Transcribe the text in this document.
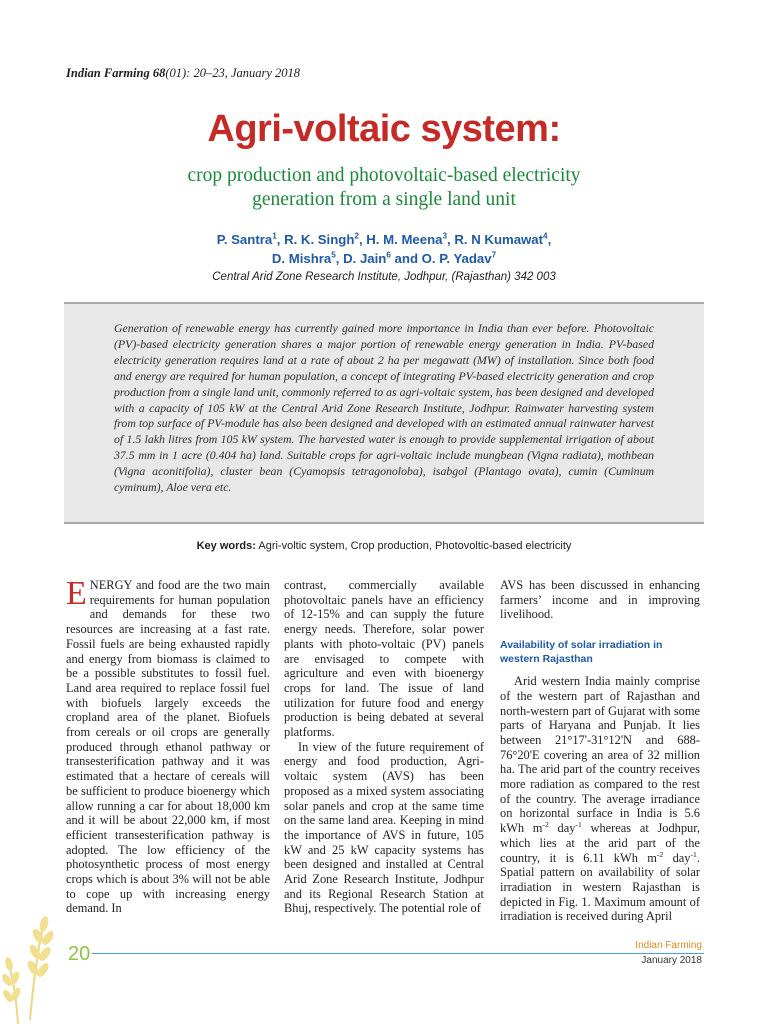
Indian Farming 68(01): 20–23, January 2018
Agri-voltaic system:
crop production and photovoltaic-based electricity generation from a single land unit
P. Santra$^1$, R. K. Singh$^2$, H. M. Meena$^3$, R. N Kumawat$^4$,
D. Mishra$^5$, D. Jain$^6$ and O. P. Yadav$^7$
Central Arid Zone Research Institute, Jodhpur, (Rajasthan) 342 003

Generation of renewable energy has currently gained more importance in India than ever before. Photovoltaic (PV)-based electricity generation shares a major portion of renewable energy generation in India. PV-based electricity generation requires land at a rate of about 2 ha per megawatt (MW) of installation. Since both food and energy are required for human population, a concept of integrating PV-based electricity generation and crop production from a single land unit, commonly referred to as agri-voltaic system, has been designed and developed with a capacity of 105 kW at the Central Arid Zone Research Institute, Jodhpur. Rainwater harvesting system from top surface of PV-module has also been designed and developed with an estimated annual rainwater harvest of 1.5 lakh litres from 105 kW system. The harvested water is enough to provide supplemental irrigation of about 37.5 mm in 1 acre (0.404 ha) land. Suitable crops for agri-voltaic include mungbean (Vigna radiata), mothbean (Vigna aconitifolia), cluster bean (Cyamopsis tetragonoloba), isabgol (Plantago ovata), cumin (Cuminum cyminum), Aloe vera etc.

Key words: Agri-voltic system, Crop production, Photovoltic-based electricity

ENERGY and food are the two main requirements for human population and demands for these two resources are increasing at a fast rate. Fossil fuels are being exhausted rapidly and energy from biomass is claimed to be a possible substitutes to fossil fuel. Land area required to replace fossil fuel with biofuels largely exceeds the cropland area of the planet. Biofuels from cereals or oil crops are generally produced through ethanol pathway or transesterification pathway and it was estimated that a hectare of cereals will be sufficient to produce bioenergy which allow running a car for about 18,000 km and it will be about 22,000 km, if most efficient transesterification pathway is adopted. The low efficiency of the photosynthetic process of most energy crops which is about 3% will not be able to cope up with increasing energy demand. In

contrast, commercially available photovoltaic panels have an efficiency of 12-15% and can supply the future energy needs. Therefore, solar power plants with photo-voltaic (PV) panels are envisaged to compete with agriculture and even with bioenergy crops for land. The issue of land utilization for future food and energy production is being debated at several platforms.

In view of the future requirement of energy and food production, Agri-voltaic system (AVS) has been proposed as a mixed system associating solar panels and crop at the same time on the same land area. Keeping in mind the importance of AVS in future, 105 kW and 25 kW capacity systems has been designed and installed at Central Arid Zone Research Institute, Jodhpur and its Regional Research Station at Bhuj, respectively. The potential role of

AVS has been discussed in enhancing farmers’ income and in improving livelihood.

Availability of solar irradiation in western Rajasthan

Arid western India mainly comprise of the western part of Rajasthan and north-western part of Gujarat with some parts of Haryana and Punjab. It lies between 21°17'-31°12'N and 688-76°20'E covering an area of 32 million ha. The arid part of the country receives more radiation as compared to the rest of the country. The average irradiance on horizontal surface in India is 5.6 kWh $m^{-2}$ day$^{-1}$ whereas at Jodhpur, which lies at the arid part of the country, it is 6.11 kWh $m^{-2}$ day$^{-1}$. Spatial pattern on availability of solar irradiation in western Rajasthan is depicted in Fig. 1. Maximum amount of irradiation is received during April

20	Indian Farming
January 2018
